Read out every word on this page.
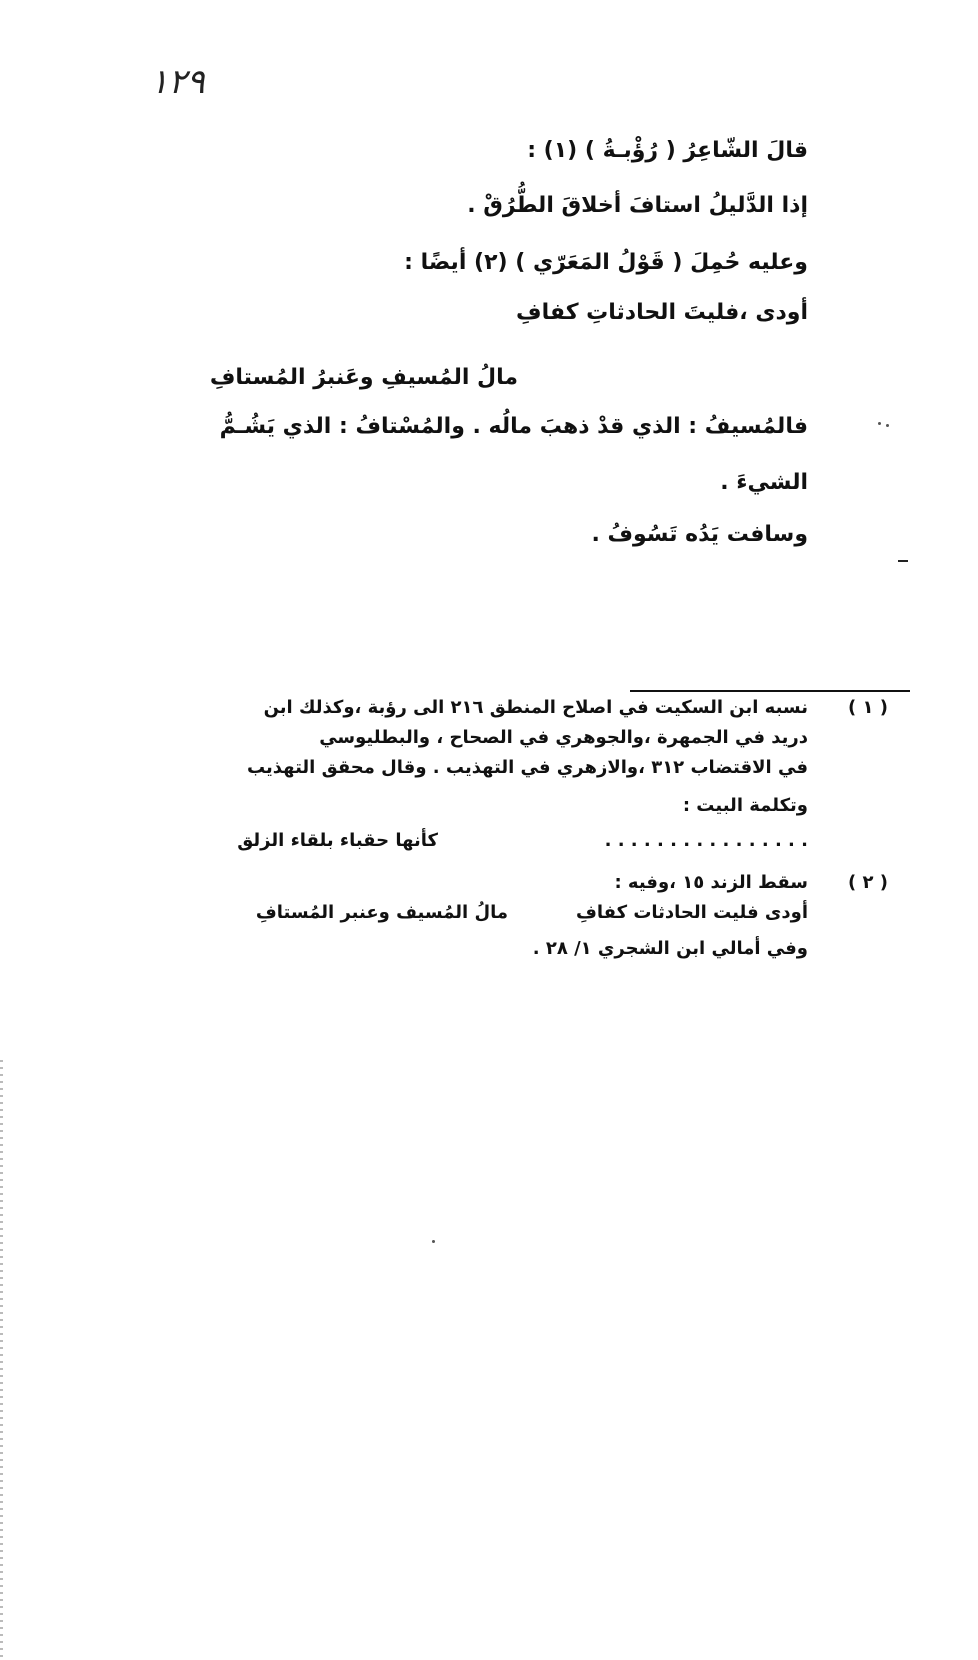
١٢٩
قالَ الشّاعِرُ ( رُؤْبـةُ ) (١) :
إذا الدَّليلُ استافَ أخلاقَ الطُّرُقْ .
وعليه حُمِلَ ( قَوْلُ المَعَرّي ) (٢) أيضًا :
أودى ،فليتَ الحادثاتِ كفافِ
مالُ المُسيفِ وعَنبرُ المُستافِ
فالمُسيفُ : الذي قدْ ذهبَ مالُه . والمُسْتافُ : الذي يَشُـمُّ
الشيءَ .
وسافت يَدُه تَسُوفُ .
( ١ )
نسبه ابن السكيت في اصلاح المنطق ٢١٦ الى رؤبة ،وكذلك ابن
دريد في الجمهرة ،والجوهري في الصحاح ، والبطليوسي
في الاقتضاب ٣١٢ ،والازهري في التهذيب . وقال محقق التهذيب
وتكلمة البيت :
. . . . . . . . . . . . . . . .
كأنها حقباء بلقاء الزلق
( ٢ )
سقط الزند ١٥ ،وفيه :
أودى فليت الحادثات كفافِ
مالُ المُسيف وعنبر المُستافِ
وفي أمالي ابن الشجري ١/ ٢٨ .
